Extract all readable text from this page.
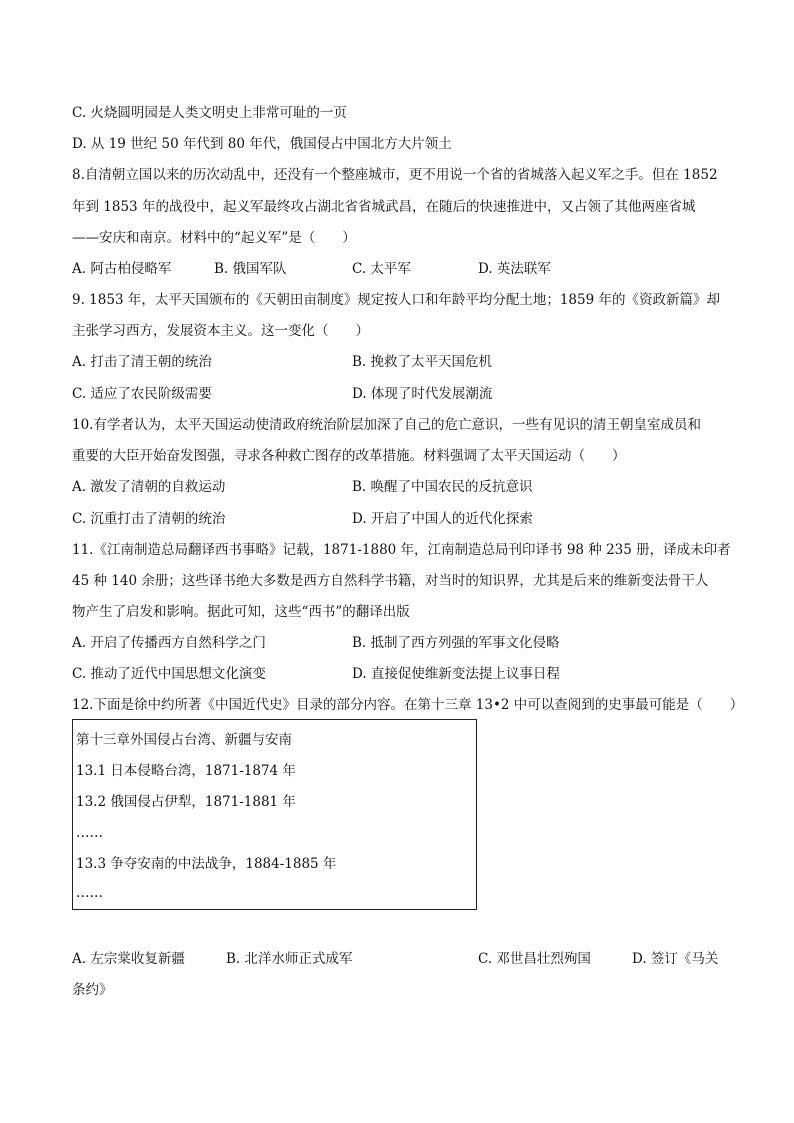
C. 火烧圆明园是人类文明史上非常可耻的一页
D. 从 19 世纪 50 年代到 80 年代，俄国侵占中国北方大片领土
8.自清朝立国以来的历次动乱中，还没有一个整座城市，更不用说一个省的省城落入起义军之手。但在 1852
年到 1853 年的战役中，起义军最终攻占湖北省省城武昌，在随后的快速推进中，又占领了其他两座省城
——安庆和南京。材料中的“起义军”是（　　）
A. 阿古柏侵略军	B. 俄国军队	C. 太平军	D. 英法联军
9. 1853 年，太平天国颁布的《天朝田亩制度》规定按人口和年龄平均分配土地；1859 年的《资政新篇》却
主张学习西方，发展资本主义。这一变化（　　）
A. 打击了清王朝的统治	B. 挽救了太平天国危机
C. 适应了农民阶级需要	D. 体现了时代发展潮流
10.有学者认为，太平天国运动使清政府统治阶层加深了自己的危亡意识，一些有见识的清王朝皇室成员和
重要的大臣开始奋发图强，寻求各种救亡图存的改革措施。材料强调了太平天国运动（　　）
A. 激发了清朝的自救运动	B. 唤醒了中国农民的反抗意识
C. 沉重打击了清朝的统治	D. 开启了中国人的近代化探索
11.《江南制造总局翻译西书事略》记载，1871-1880 年，江南制造总局刊印译书 98 种 235 册，译成未印者
45 种 140 余册；这些译书绝大多数是西方自然科学书籍，对当时的知识界，尤其是后来的维新变法骨干人
物产生了启发和影响。据此可知，这些“西书”的翻译出版
A. 开启了传播西方自然科学之门	B. 抵制了西方列强的军事文化侵略
C. 推动了近代中国思想文化演变	D. 直接促使维新变法提上议事日程
12.下面是徐中约所著《中国近代史》目录的部分内容。在第十三章 13•2 中可以查阅到的史事最可能是（　　）
第十三章外国侵占台湾、新疆与安南
13.1 日本侵略台湾，1871-1874 年
13.2 俄国侵占伊犁，1871-1881 年
……
13.3 争夺安南的中法战争，1884-1885 年
……
A. 左宗棠收复新疆	B. 北洋水师正式成军	C. 邓世昌壮烈殉国	D. 签订《马关
条约》
